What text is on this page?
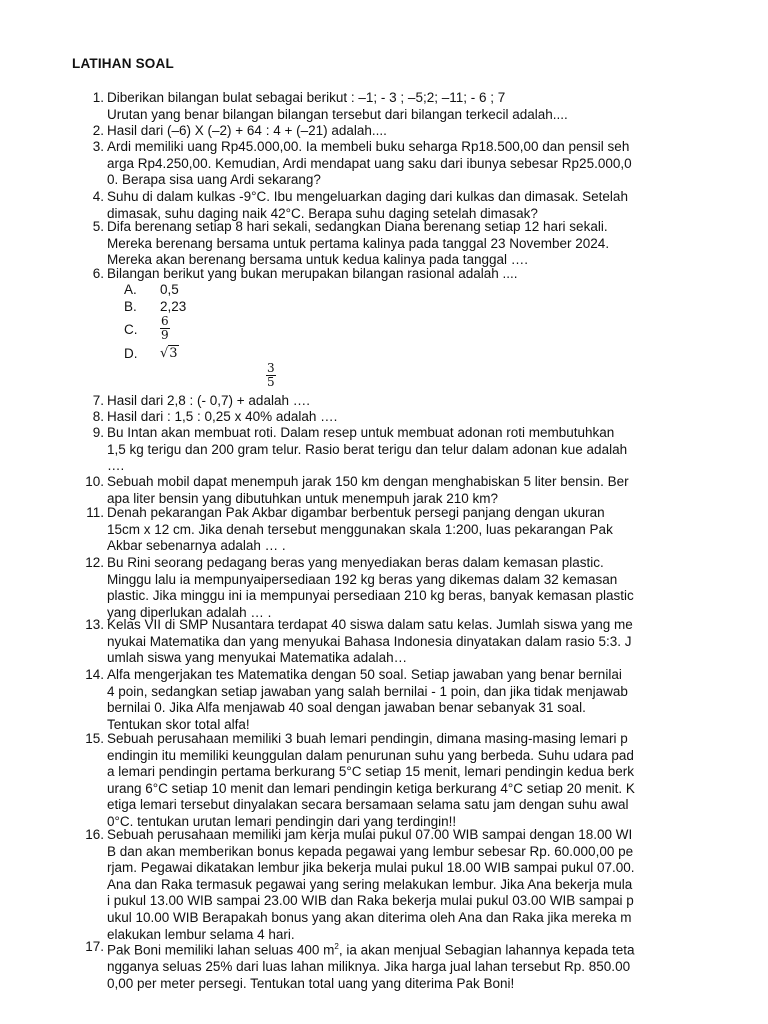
LATIHAN SOAL
1. Diberikan bilangan bulat sebagai berikut : –1; - 3 ; –5;2; –11; - 6 ; 7
Urutan yang benar bilangan bilangan tersebut dari bilangan terkecil adalah....
2. Hasil dari (–6) X (–2) + 64 : 4 + (–21) adalah....
3. Ardi memiliki uang Rp45.000,00. Ia membeli buku seharga Rp18.500,00 dan pensil seh
arga Rp4.250,00. Kemudian, Ardi mendapat uang saku dari ibunya sebesar Rp25.000,0
0. Berapa sisa uang Ardi sekarang?
4. Suhu di dalam kulkas -9°C. Ibu mengeluarkan daging dari kulkas dan dimasak. Setelah
dimasak, suhu daging naik 42°C. Berapa suhu daging setelah dimasak?
5. Difa berenang setiap 8 hari sekali, sedangkan Diana berenang setiap 12 hari sekali.
Mereka berenang bersama untuk pertama kalinya pada tanggal 23 November 2024.
Mereka akan berenang bersama untuk kedua kalinya pada tanggal ….
6. Bilangan berikut yang bukan merupakan bilangan rasional adalah ....
A. 0,5
B. 2,23
C. $\frac{6}{9}$
D. √3
$\frac{3}{5}$
7. Hasil dari 2,8 : (- 0,7) + adalah ….
8. Hasil dari : 1,5 : 0,25 x 40% adalah ….
9. Bu Intan akan membuat roti. Dalam resep untuk membuat adonan roti membutuhkan
1,5 kg terigu dan 200 gram telur. Rasio berat terigu dan telur dalam adonan kue adalah
….
10. Sebuah mobil dapat menempuh jarak 150 km dengan menghabiskan 5 liter bensin. Ber
apa liter bensin yang dibutuhkan untuk menempuh jarak 210 km?
11. Denah pekarangan Pak Akbar digambar berbentuk persegi panjang dengan ukuran
15cm x 12 cm. Jika denah tersebut menggunakan skala 1:200, luas pekarangan Pak
Akbar sebenarnya adalah … .
12. Bu Rini seorang pedagang beras yang menyediakan beras dalam kemasan plastic.
Minggu lalu ia mempunyaipersediaan 192 kg beras yang dikemas dalam 32 kemasan
plastic. Jika minggu ini ia mempunyai persediaan 210 kg beras, banyak kemasan plastic
yang diperlukan adalah … .
13. Kelas VII di SMP Nusantara terdapat 40 siswa dalam satu kelas. Jumlah siswa yang me
nyukai Matematika dan yang menyukai Bahasa Indonesia dinyatakan dalam rasio 5:3. J
umlah siswa yang menyukai Matematika adalah…
14. Alfa mengerjakan tes Matematika dengan 50 soal. Setiap jawaban yang benar bernilai
4 poin, sedangkan setiap jawaban yang salah bernilai - 1 poin, dan jika tidak menjawab
bernilai 0. Jika Alfa menjawab 40 soal dengan jawaban benar sebanyak 31 soal.
Tentukan skor total alfa!
15. Sebuah perusahaan memiliki 3 buah lemari pendingin, dimana masing-masing lemari p
endingin itu memiliki keunggulan dalam penurunan suhu yang berbeda. Suhu udara pad
a lemari pendingin pertama berkurang 5°C setiap 15 menit, lemari pendingin kedua berk
urang 6°C setiap 10 menit dan lemari pendingin ketiga berkurang 4°C setiap 20 menit. K
etiga lemari tersebut dinyalakan secara bersamaan selama satu jam dengan suhu awal
0°C. tentukan urutan lemari pendingin dari yang terdingin!!
16. Sebuah perusahaan memiliki jam kerja mulai pukul 07.00 WIB sampai dengan 18.00 WI
B dan akan memberikan bonus kepada pegawai yang lembur sebesar Rp. 60.000,00 pe
rjam. Pegawai dikatakan lembur jika bekerja mulai pukul 18.00 WIB sampai pukul 07.00.
Ana dan Raka termasuk pegawai yang sering melakukan lembur. Jika Ana bekerja mula
i pukul 13.00 WIB sampai 23.00 WIB dan Raka bekerja mulai pukul 03.00 WIB sampai p
ukul 10.00 WIB Berapakah bonus yang akan diterima oleh Ana dan Raka jika mereka m
elakukan lembur selama 4 hari.
17. Pak Boni memiliki lahan seluas 400 $m^2$, ia akan menjual Sebagian lahannya kepada teta
ngganya seluas 25% dari luas lahan miliknya. Jika harga jual lahan tersebut Rp. 850.00
0,00 per meter persegi. Tentukan total uang yang diterima Pak Boni!
